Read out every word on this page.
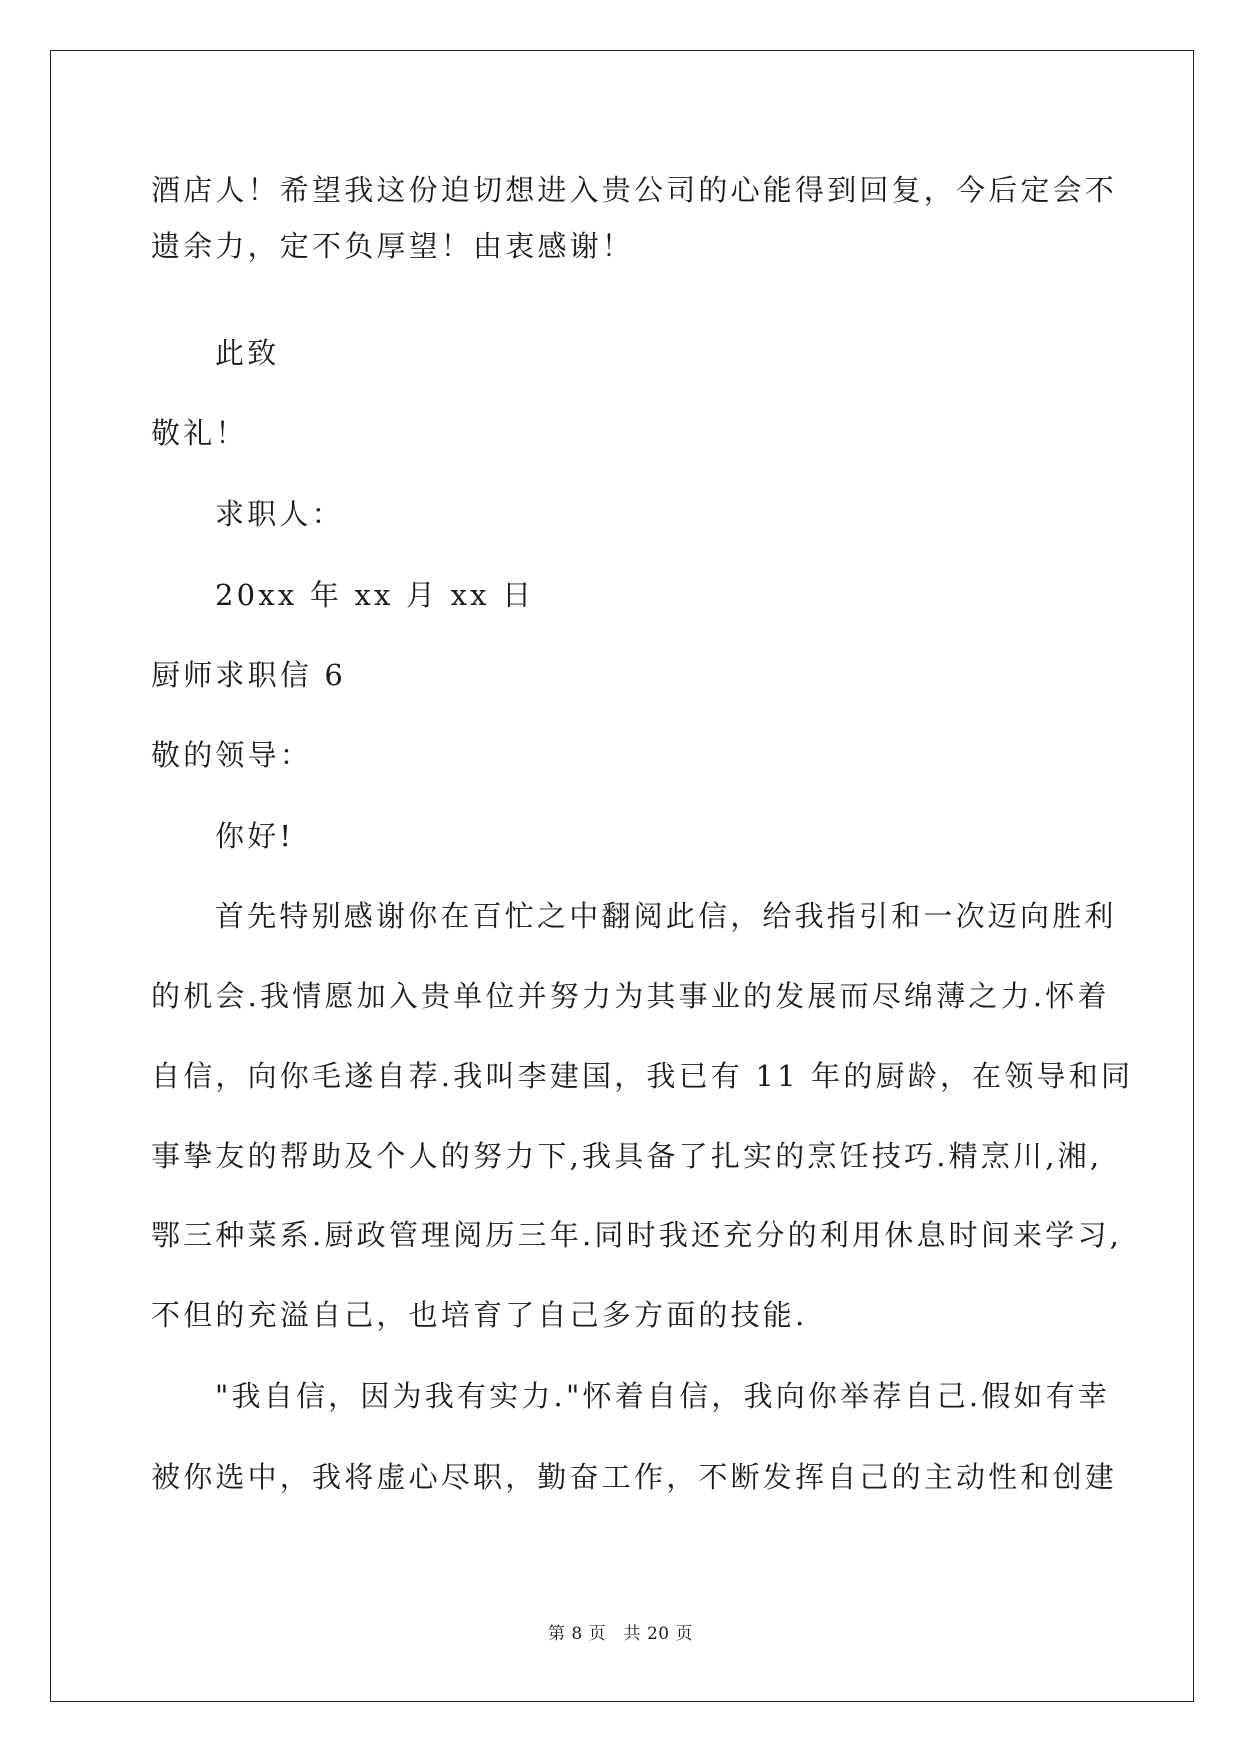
酒店人！希望我这份迫切想进入贵公司的心能得到回复，今后定会不
遗余力，定不负厚望！由衷感谢！
此致
敬礼！
求职人：
20xx 年 xx 月 xx 日
厨师求职信 6
敬的领导：
你好!
首先特别感谢你在百忙之中翻阅此信，给我指引和一次迈向胜利
的机会.我情愿加入贵单位并努力为其事业的发展而尽绵薄之力.怀着
自信，向你毛遂自荐.我叫李建国，我已有 11 年的厨龄，在领导和同
事挚友的帮助及个人的努力下,我具备了扎实的烹饪技巧.精烹川,湘,
鄂三种菜系.厨政管理阅历三年.同时我还充分的利用休息时间来学习,
不但的充溢自己，也培育了自己多方面的技能.
"我自信，因为我有实力."怀着自信，我向你举荐自己.假如有幸
被你选中，我将虚心尽职，勤奋工作，不断发挥自己的主动性和创建
第 8 页　共 20 页
